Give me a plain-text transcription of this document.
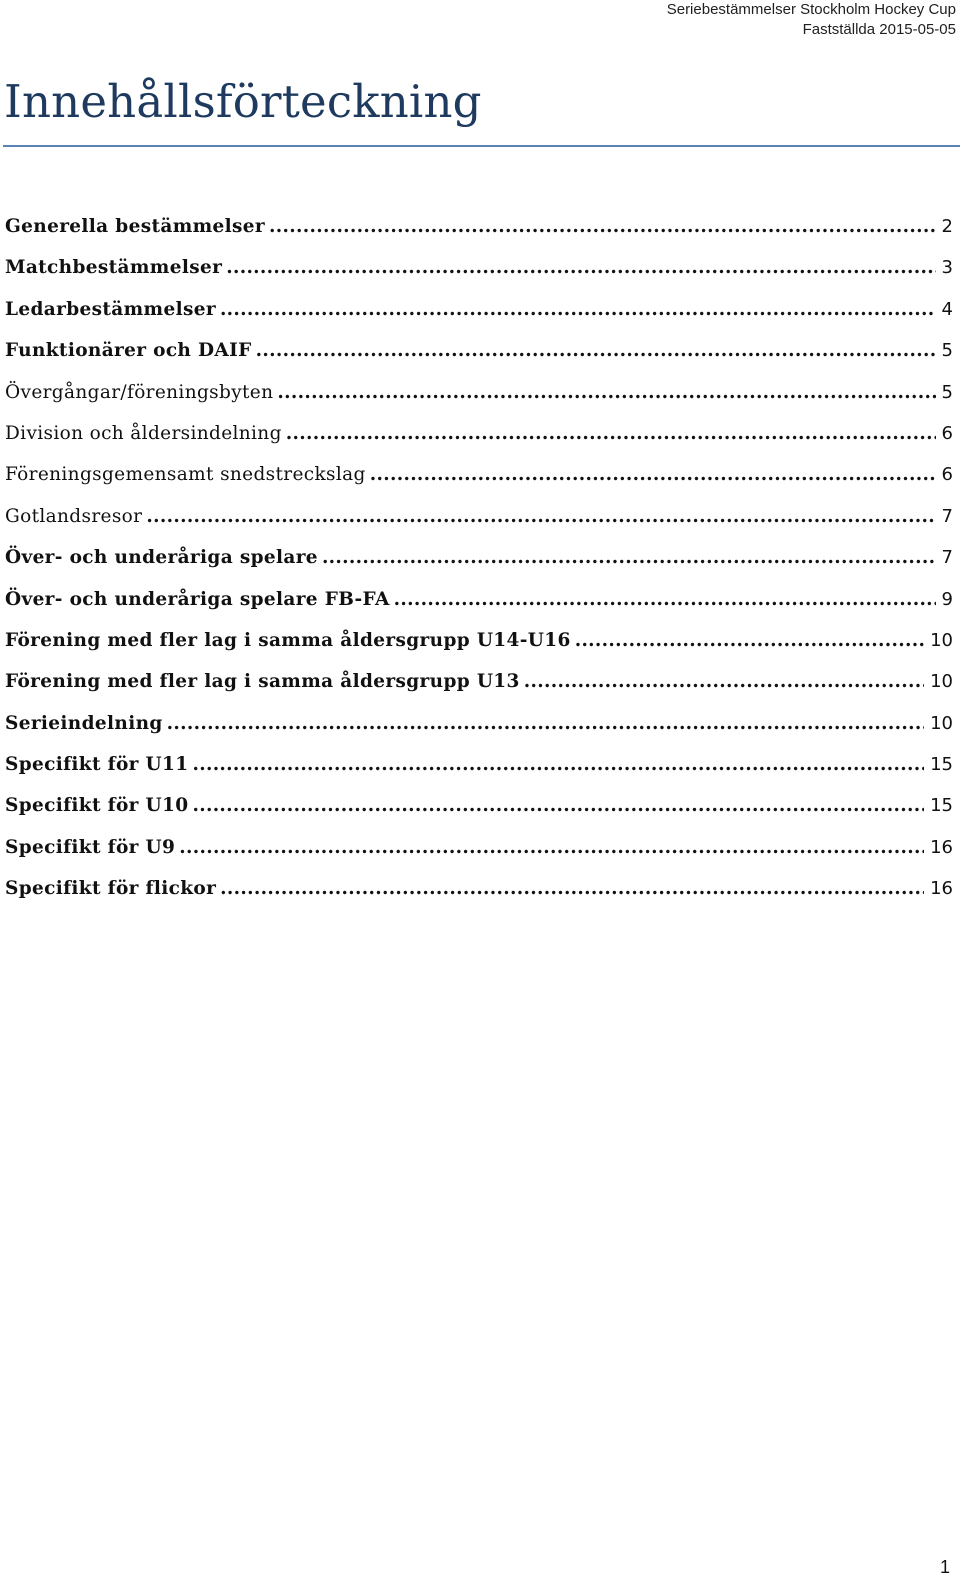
Seriebestämmelser Stockholm Hockey Cup
Fastställda 2015-05-05
Innehållsförteckning
Generella bestämmelser .....	2
Matchbestämmelser .....	3
Ledarbestämmelser .....	4
Funktionärer och DAIF .....	5
Övergångar/föreningsbyten .....	5
Division och åldersindelning .....	6
Föreningsgemensamt snedstreckslag .....	6
Gotlandsresor .....	7
Över- och underåriga spelare .....	7
Över- och underåriga spelare FB-FA .....	9
Förening med fler lag i samma åldersgrupp U14-U16 .....	10
Förening med fler lag i samma åldersgrupp U13 .....	10
Serieindelning .....	10
Specifikt för U11 .....	15
Specifikt för U10 .....	15
Specifikt för U9 .....	16
Specifikt för flickor .....	16
1
